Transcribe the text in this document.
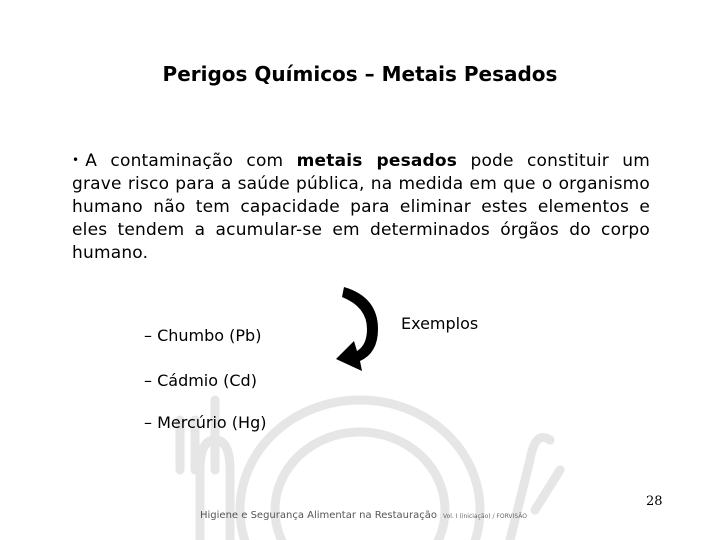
Perigos Químicos – Metais Pesados
• A contaminação com metais pesados pode constituir um grave risco para a saúde pública, na medida em que o organismo humano não tem capacidade para eliminar estes elementos e eles tendem a acumular-se em determinados órgãos do corpo humano.
Exemplos
– Chumbo (Pb)
– Cádmio (Cd)
– Mercúrio (Hg)
28
Higiene e Segurança Alimentar na Restauração Vol. I (iniciação) / FORVISÃO
